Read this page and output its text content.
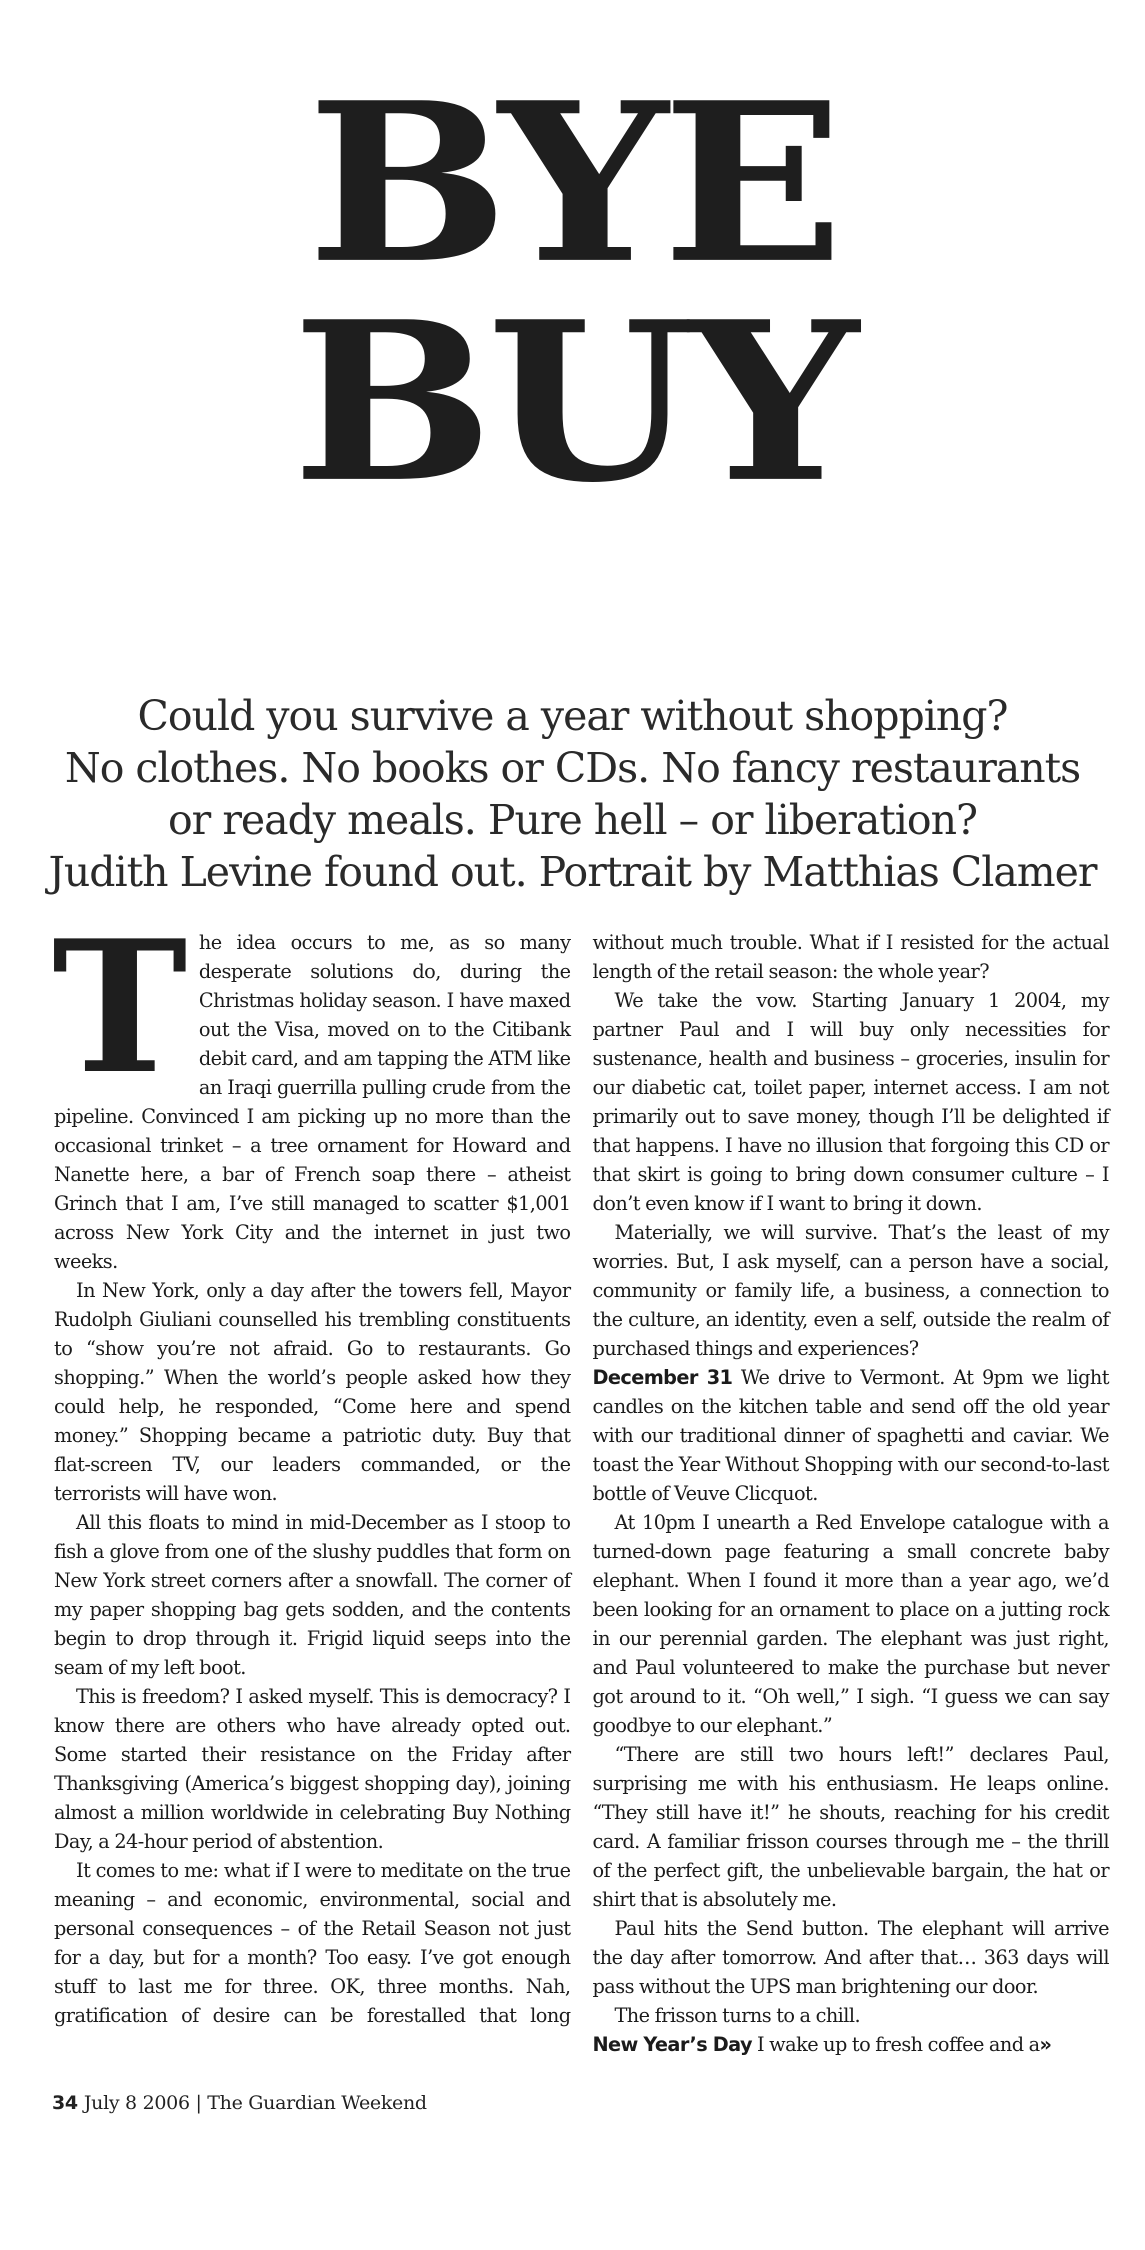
BYE BUY
Could you survive a year without shopping?
No clothes. No books or CDs. No fancy restaurants
or ready meals. Pure hell – or liberation?
Judith Levine found out. Portrait by Matthias Clamer

The idea occurs to me, as so many desperate solutions do, during the Christmas holiday season. I have maxed out the Visa, moved on to the Citibank debit card, and am tapping the ATM like an Iraqi guerrilla pulling crude from the pipeline. Convinced I am picking up no more than the occasional trinket – a tree ornament for Howard and Nanette here, a bar of French soap there – atheist Grinch that I am, I’ve still managed to scatter $1,001 across New York City and the internet in just two weeks.

In New York, only a day after the towers fell, Mayor Rudolph Giuliani counselled his trembling constituents to “show you’re not afraid. Go to restaurants. Go shopping.” When the world’s people asked how they could help, he responded, “Come here and spend money.” Shopping became a patriotic duty. Buy that flat-screen TV, our leaders commanded, or the terrorists will have won.

All this floats to mind in mid-December as I stoop to fish a glove from one of the slushy puddles that form on New York street corners after a snowfall. The corner of my paper shopping bag gets sodden, and the contents begin to drop through it. Frigid liquid seeps into the seam of my left boot.

This is freedom? I asked myself. This is democracy? I know there are others who have already opted out. Some started their resistance on the Friday after Thanksgiving (America’s biggest shopping day), joining almost a million worldwide in celebrating Buy Nothing Day, a 24-hour period of abstention.

It comes to me: what if I were to meditate on the true meaning – and economic, environmental, social and personal consequences – of the Retail Season not just for a day, but for a month? Too easy. I’ve got enough stuff to last me for three. OK, three months. Nah, gratification of desire can be forestalled that long without much trouble. What if I resisted for the actual length of the retail season: the whole year?

We take the vow. Starting January 1 2004, my partner Paul and I will buy only necessities for sustenance, health and business – groceries, insulin for our diabetic cat, toilet paper, internet access. I am not primarily out to save money, though I’ll be delighted if that happens. I have no illusion that forgoing this CD or that skirt is going to bring down consumer culture – I don’t even know if I want to bring it down.

Materially, we will survive. That’s the least of my worries. But, I ask myself, can a person have a social, community or family life, a business, a connection to the culture, an identity, even a self, outside the realm of purchased things and experiences?

December 31 We drive to Vermont. At 9pm we light candles on the kitchen table and send off the old year with our traditional dinner of spaghetti and caviar. We toast the Year Without Shopping with our second-to-last bottle of Veuve Clicquot.

At 10pm I unearth a Red Envelope catalogue with a turned-down page featuring a small concrete baby elephant. When I found it more than a year ago, we’d been looking for an ornament to place on a jutting rock in our perennial garden. The elephant was just right, and Paul volunteered to make the purchase but never got around to it. “Oh well,” I sigh. “I guess we can say goodbye to our elephant.”

“There are still two hours left!” declares Paul, surprising me with his enthusiasm. He leaps online. “They still have it!” he shouts, reaching for his credit card. A familiar frisson courses through me – the thrill of the perfect gift, the unbelievable bargain, the hat or shirt that is absolutely me.

Paul hits the Send button. The elephant will arrive the day after tomorrow. And after that… 363 days will pass without the UPS man brightening our door.

The frisson turns to a chill.

New Year’s Day I wake up to fresh coffee and a»

34 July 8 2006 | The Guardian Weekend
